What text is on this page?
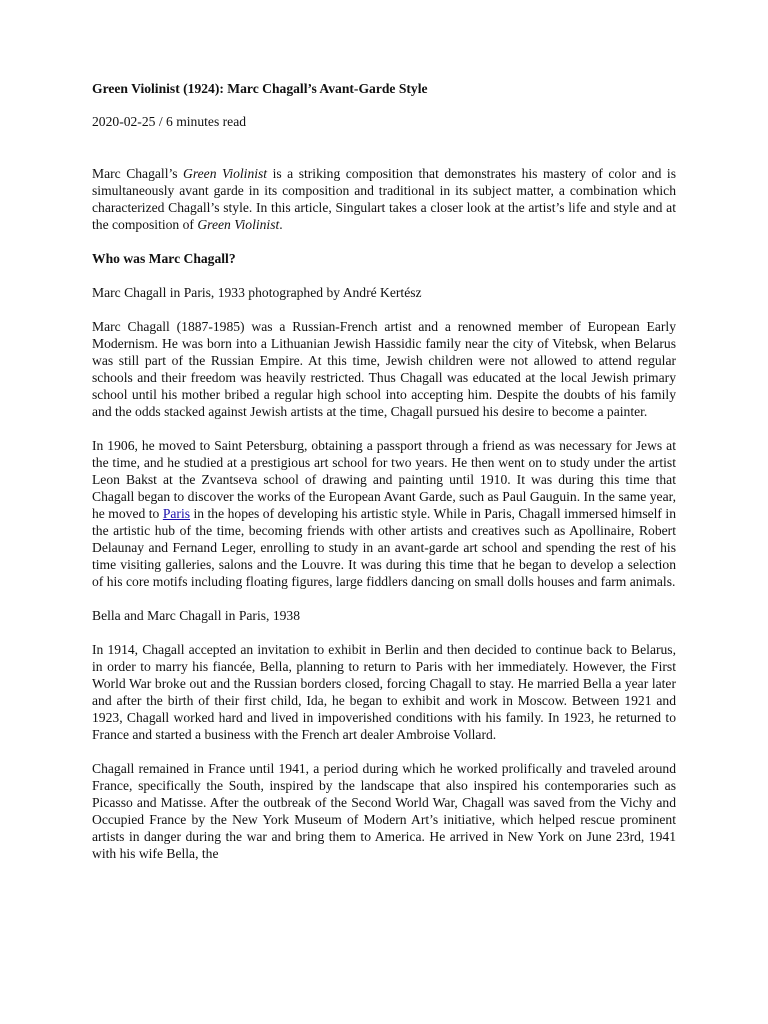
Green Violinist (1924): Marc Chagall’s Avant-Garde Style
2020-02-25 / 6 minutes read

Marc Chagall’s Green Violinist is a striking composition that demonstrates his mastery of color and is simultaneously avant garde in its composition and traditional in its subject matter, a combination which characterized Chagall’s style. In this article, Singulart takes a closer look at the artist’s life and style and at the composition of Green Violinist.

Who was Marc Chagall?
Marc Chagall in Paris, 1933 photographed by André Kertész

Marc Chagall (1887-1985) was a Russian-French artist and a renowned member of European Early Modernism. He was born into a Lithuanian Jewish Hassidic family near the city of Vitebsk, when Belarus was still part of the Russian Empire. At this time, Jewish children were not allowed to attend regular schools and their freedom was heavily restricted. Thus Chagall was educated at the local Jewish primary school until his mother bribed a regular high school into accepting him. Despite the doubts of his family and the odds stacked against Jewish artists at the time, Chagall pursued his desire to become a painter.

In 1906, he moved to Saint Petersburg, obtaining a passport through a friend as was necessary for Jews at the time, and he studied at a prestigious art school for two years. He then went on to study under the artist Leon Bakst at the Zvantseva school of drawing and painting until 1910. It was during this time that Chagall began to discover the works of the European Avant Garde, such as Paul Gauguin. In the same year, he moved to Paris in the hopes of developing his artistic style. While in Paris, Chagall immersed himself in the artistic hub of the time, becoming friends with other artists and creatives such as Apollinaire, Robert Delaunay and Fernand Leger, enrolling to study in an avant-garde art school and spending the rest of his time visiting galleries, salons and the Louvre. It was during this time that he began to develop a selection of his core motifs including floating figures, large fiddlers dancing on small dolls houses and farm animals.

Bella and Marc Chagall in Paris, 1938

In 1914, Chagall accepted an invitation to exhibit in Berlin and then decided to continue back to Belarus, in order to marry his fiancée, Bella, planning to return to Paris with her immediately. However, the First World War broke out and the Russian borders closed, forcing Chagall to stay. He married Bella a year later and after the birth of their first child, Ida, he began to exhibit and work in Moscow. Between 1921 and 1923, Chagall worked hard and lived in impoverished conditions with his family. In 1923, he returned to France and started a business with the French art dealer Ambroise Vollard.

Chagall remained in France until 1941, a period during which he worked prolifically and traveled around France, specifically the South, inspired by the landscape that also inspired his contemporaries such as Picasso and Matisse. After the outbreak of the Second World War, Chagall was saved from the Vichy and Occupied France by the New York Museum of Modern Art’s initiative, which helped rescue prominent artists in danger during the war and bring them to America. He arrived in New York on June 23rd, 1941 with his wife Bella, the
